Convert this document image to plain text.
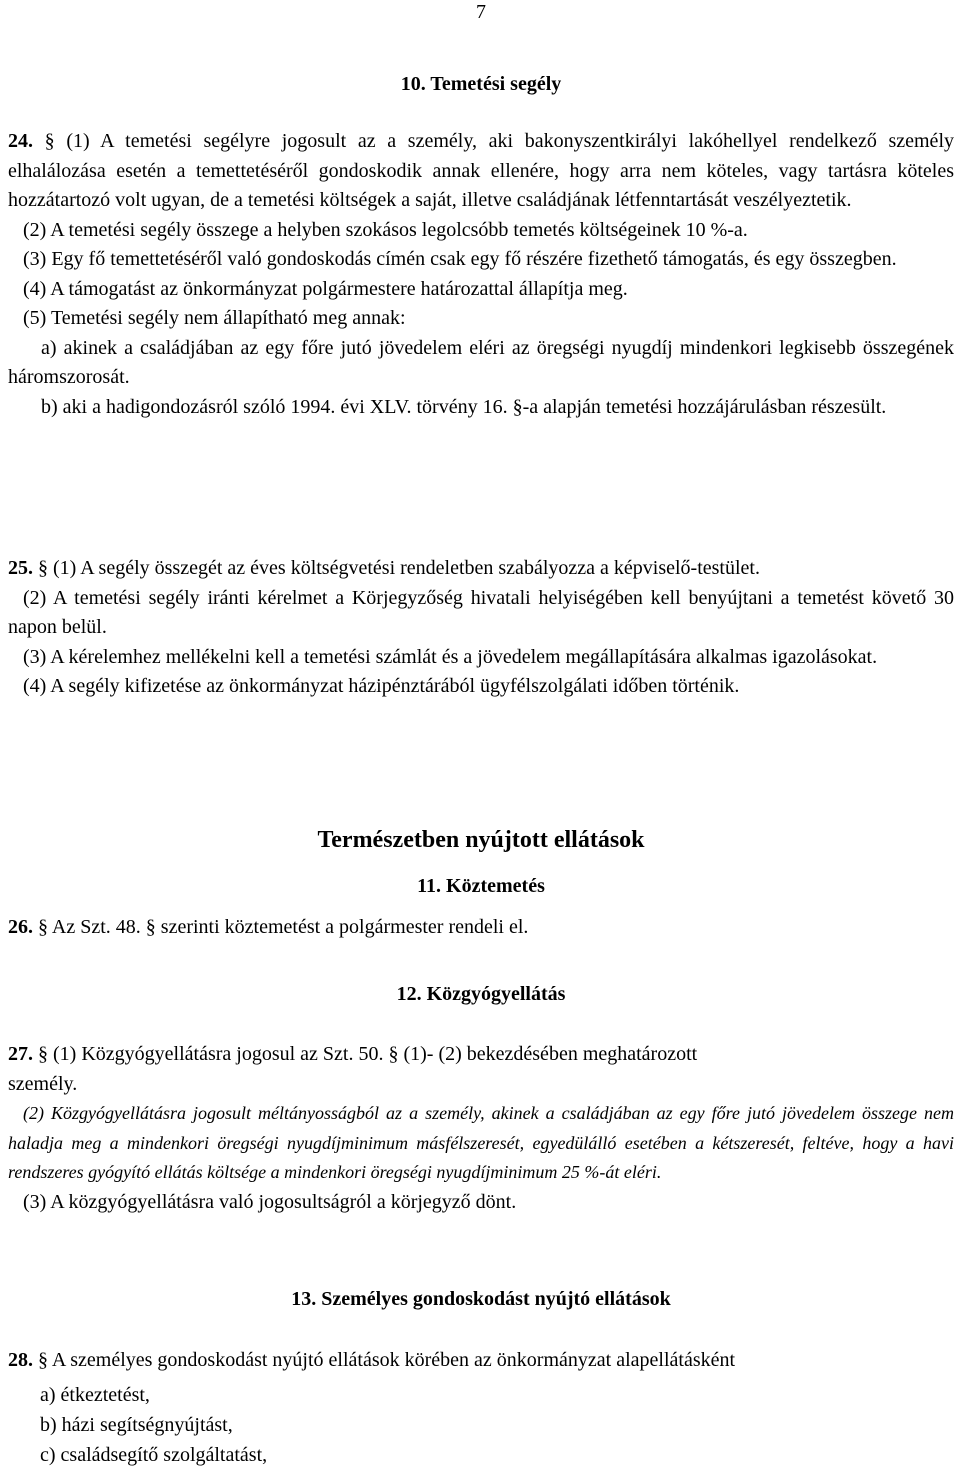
7
10. Temetési segély

24. § (1) A temetési segélyre jogosult az a személy, aki bakonyszentkirályi lakóhellyel rendelkező személy elhalálozása esetén a temettetéséről gondoskodik annak ellenére, hogy arra nem köteles, vagy tartásra köteles hozzátartozó volt ugyan, de a temetési költségek a saját, illetve családjának létfenntartását veszélyeztetik.

(2) A temetési segély összege a helyben szokásos legolcsóbb temetés költségeinek 10 %-a.

(3) Egy fő temettetéséről való gondoskodás címén csak egy fő részére fizethető támogatás, és egy összegben.

(4) A támogatást az önkormányzat polgármestere határozattal állapítja meg.

(5) Temetési segély nem állapítható meg annak:

a) akinek a családjában az egy főre jutó jövedelem eléri az öregségi nyugdíj mindenkori legkisebb összegének háromszorosát.

b) aki a hadigondozásról szóló 1994. évi XLV. törvény 16. §-a alapján temetési hozzájárulásban részesült.

25. § (1) A segély összegét az éves költségvetési rendeletben szabályozza a képviselő-testület.

(2) A temetési segély iránti kérelmet a Körjegyzőség hivatali helyiségében kell benyújtani a temetést követő 30 napon belül.

(3) A kérelemhez mellékelni kell a temetési számlát és a jövedelem megállapítására alkalmas igazolásokat.

(4) A segély kifizetése az önkormányzat házipénztárából ügyfélszolgálati időben történik.

Természetben nyújtott ellátások
11. Köztemetés
26. § Az Szt. 48. § szerinti köztemetést a polgármester rendeli el.
12. Közgyógyellátás

27. § (1) Közgyógyellátásra jogosul az Szt. 50. § (1)- (2) bekezdésében meghatározott

személy.

(2) Közgyógyellátásra jogosult méltányosságból az a személy, akinek a családjában az egy főre jutó jövedelem összege nem haladja meg a mindenkori öregségi nyugdíjminimum másfélszeresét, egyedülálló esetében a kétszeresét, feltéve, hogy a havi rendszeres gyógyító ellátás költsége a mindenkori öregségi nyugdíjminimum 25 %-át eléri.

(3) A közgyógyellátásra való jogosultságról a körjegyző dönt.

13. Személyes gondoskodást nyújtó ellátások
28. § A személyes gondoskodást nyújtó ellátások körében az önkormányzat alapellátásként
a) étkeztetést,
b) házi segítségnyújtást,
c) családsegítő szolgáltatást,
